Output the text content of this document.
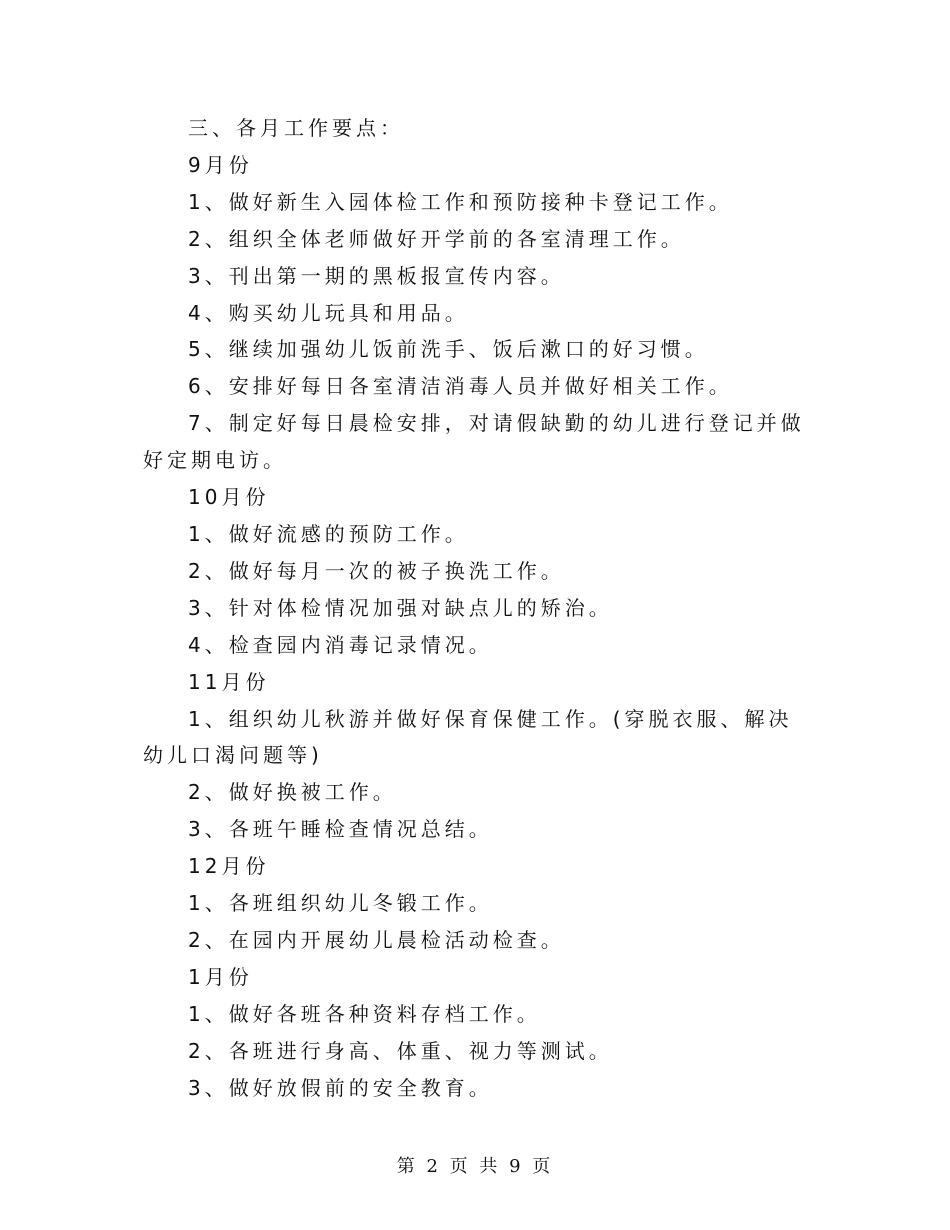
三、各月工作要点：
9月份
1、做好新生入园体检工作和预防接种卡登记工作。
2、组织全体老师做好开学前的各室清理工作。
3、刊出第一期的黑板报宣传内容。
4、购买幼儿玩具和用品。
5、继续加强幼儿饭前洗手、饭后漱口的好习惯。
6、安排好每日各室清洁消毒人员并做好相关工作。
7、制定好每日晨检安排，对请假缺勤的幼儿进行登记并做好定期电访。
10月份
1、做好流感的预防工作。
2、做好每月一次的被子换洗工作。
3、针对体检情况加强对缺点儿的矫治。
4、检查园内消毒记录情况。
11月份
1、组织幼儿秋游并做好保育保健工作。(穿脱衣服、解决幼儿口渴问题等)
2、做好换被工作。
3、各班午睡检查情况总结。
12月份
1、各班组织幼儿冬锻工作。
2、在园内开展幼儿晨检活动检查。
1月份
1、做好各班各种资料存档工作。
2、各班进行身高、体重、视力等测试。
3、做好放假前的安全教育。
第 2 页 共 9 页
